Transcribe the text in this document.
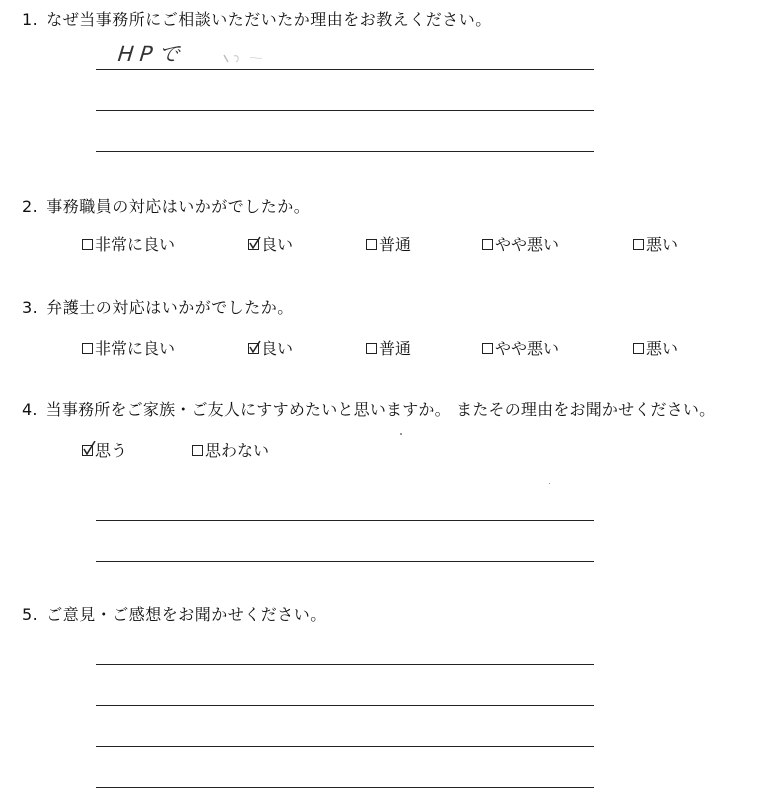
1. なぜ当事務所にご相談いただいたか理由をお教えください。
HPで
2. 事務職員の対応はいかがでしたか。
非常に良い	良い	普通	やや悪い	悪い
3. 弁護士の対応はいかがでしたか。
非常に良い	良い	普通	やや悪い	悪い
4. 当事務所をご家族・ご友人にすすめたいと思いますか。 またその理由をお聞かせください。
思う	思わない
5. ご意見・ご感想をお聞かせください。
